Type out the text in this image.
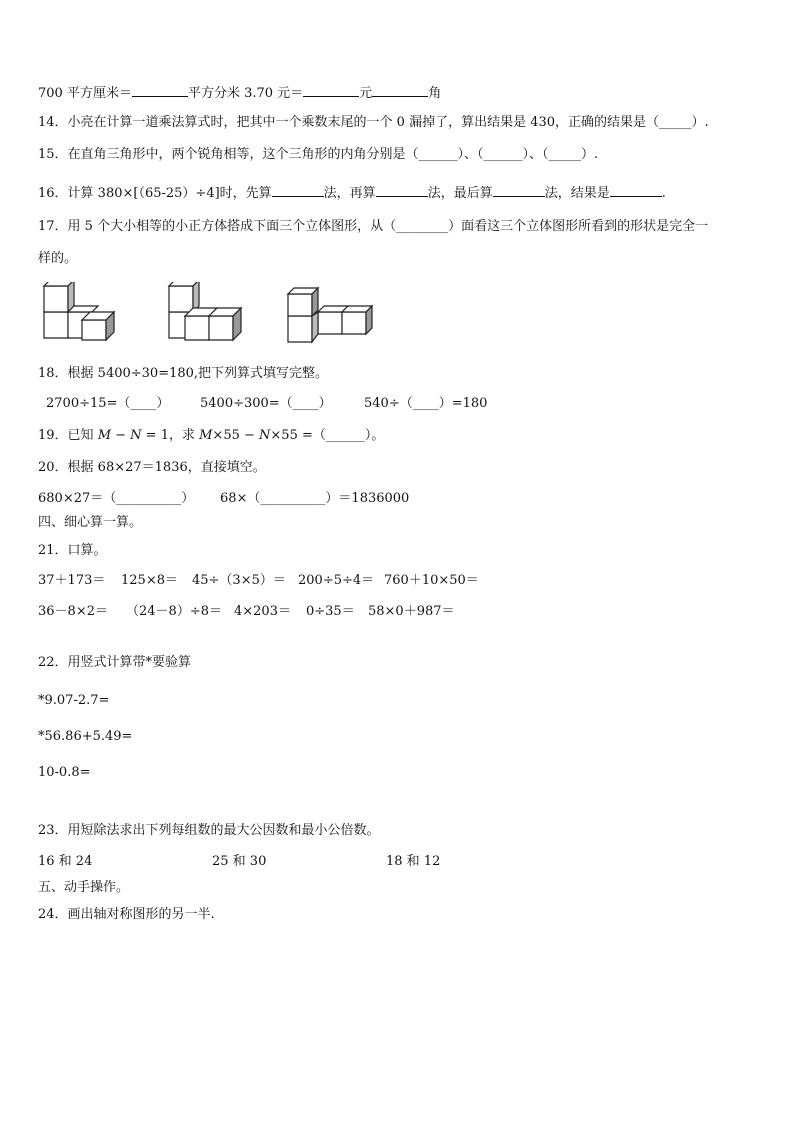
700 平方厘米＝	平方分米 3.70 元＝	元	角
14．小亮在计算一道乘法算式时，把其中一个乘数末尾的一个 0 漏掉了，算出结果是 430，正确的结果是（_____）.
15．在直角三角形中，两个锐角相等，这个三角形的内角分别是（______）、（______）、（_____）.
16．计算 380×[（65-25）÷4]时，先算	法，再算	法，最后算	法，结果是	.
17．用 5 个大小相等的小正方体搭成下面三个立体图形，从（________）面看这三个立体图形所看到的形状是完全一
样的。
18．根据 5400÷30=180,把下列算式填写完整。
2700÷15=（____） 5400÷300=（____） 540÷（____）=180
19．已知 M − N = 1，求 M×55 − N×55 =（______）。
20．根据 68×27＝1836，直接填空。
680×27＝（__________） 68×（__________）＝1836000
四、细心算一算。
21．口算。
37＋173＝ 125×8＝ 45÷（3×5）＝ 200÷5÷4＝ 760＋10×50＝
36－8×2＝ （24－8）÷8＝ 4×203＝ 0÷35＝ 58×0＋987＝
22．用竖式计算带*要验算
*9.07-2.7=
*56.86+5.49=
10-0.8=
23．用短除法求出下列每组数的最大公因数和最小公倍数。
16 和 24	25 和 30	18 和 12
五、动手操作。
24．画出轴对称图形的另一半.
